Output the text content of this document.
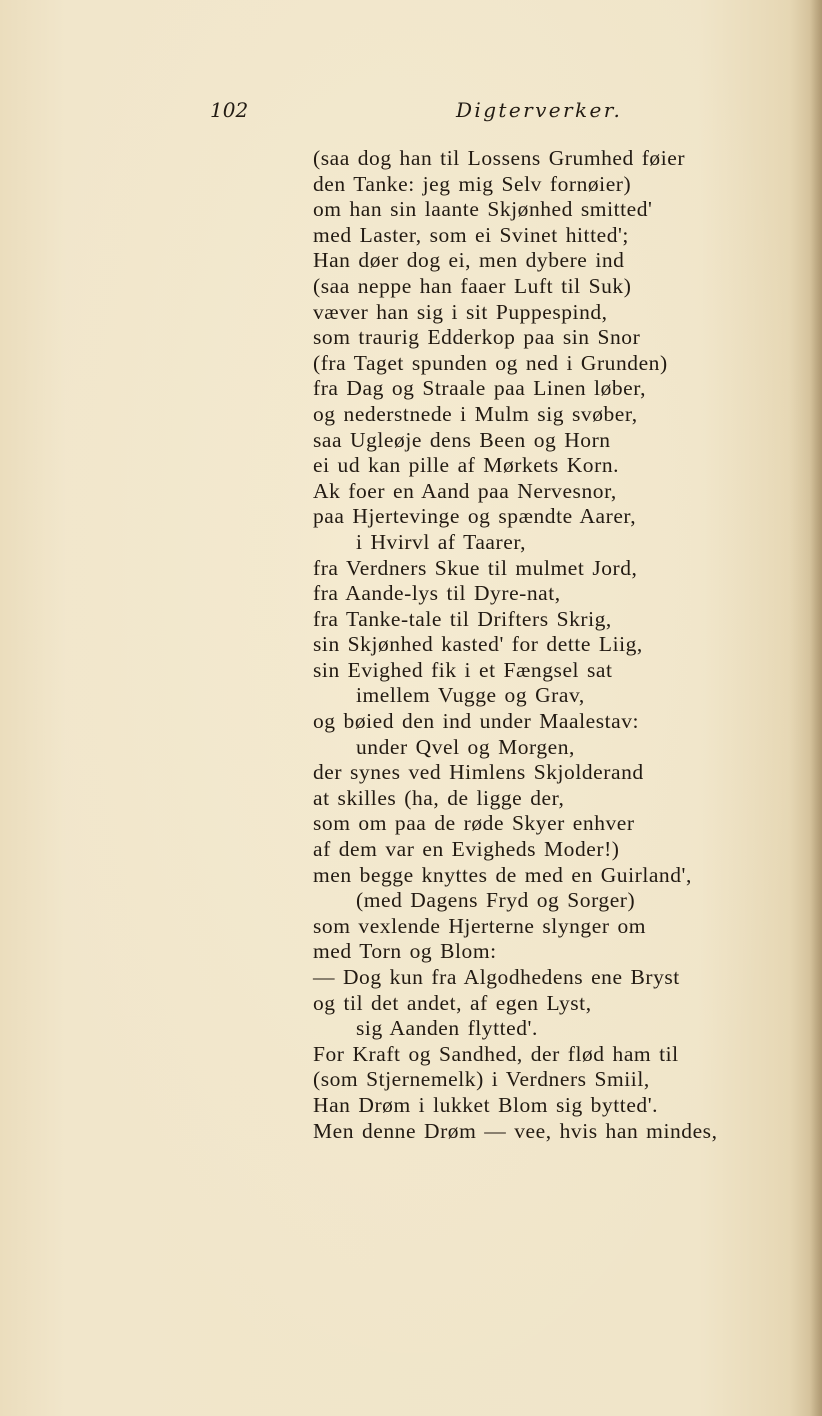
102	Digterverker.
(saa dog han til Lossens Grumhed føier
den Tanke: jeg mig Selv fornøier)
om han sin laante Skjønhed smitted'
med Laster, som ei Svinet hitted';
Han døer dog ei, men dybere ind
(saa neppe han faaer Luft til Suk)
væver han sig i sit Puppespind,
som traurig Edderkop paa sin Snor
(fra Taget spunden og ned i Grunden)
fra Dag og Straale paa Linen løber,
og nederstnede i Mulm sig svøber,
saa Ugleøje dens Been og Horn
ei ud kan pille af Mørkets Korn.
Ak foer en Aand paa Nervesnor,
paa Hjertevinge og spændte Aarer,
i Hvirvl af Taarer,
fra Verdners Skue til mulmet Jord,
fra Aande-lys til Dyre-nat,
fra Tanke-tale til Drifters Skrig,
sin Skjønhed kasted' for dette Liig,
sin Evighed fik i et Fængsel sat
imellem Vugge og Grav,
og bøied den ind under Maalestav:
under Qvel og Morgen,
der synes ved Himlens Skjolderand
at skilles (ha, de ligge der,
som om paa de røde Skyer enhver
af dem var en Evigheds Moder!)
men begge knyttes de med en Guirland',
(med Dagens Fryd og Sorger)
som vexlende Hjerterne slynger om
med Torn og Blom:
— Dog kun fra Algodhedens ene Bryst
og til det andet, af egen Lyst,
sig Aanden flytted'.
For Kraft og Sandhed, der flød ham til
(som Stjernemelk) i Verdners Smiil,
Han Drøm i lukket Blom sig bytted'.
Men denne Drøm — vee, hvis han mindes,
